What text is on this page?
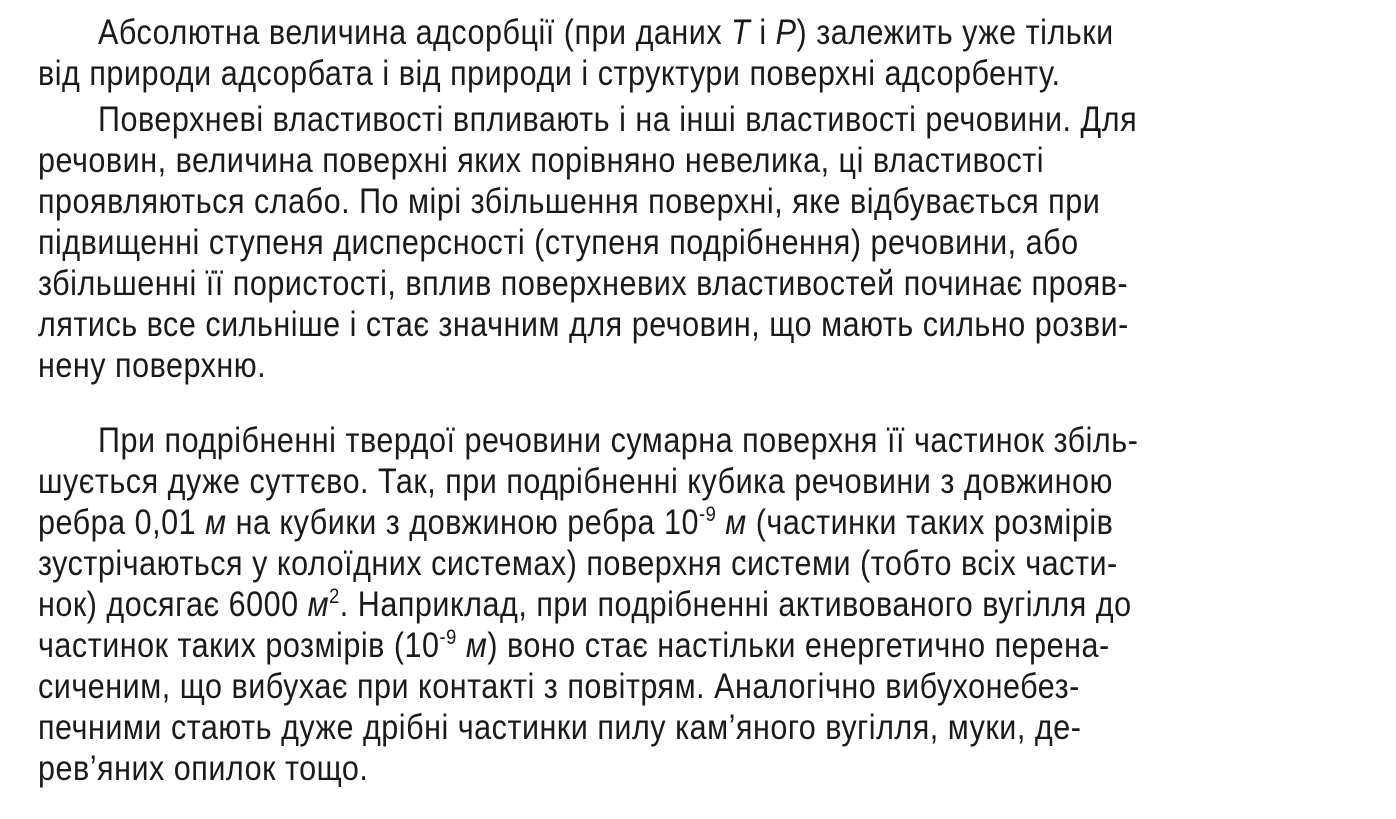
Абсолютна величина адсорбції (при даних T і P) залежить уже тільки
від природи адсорбата і від природи і структури поверхні адсорбенту.
Поверхневі властивості впливають і на інші властивості речовини. Для
речовин, величина поверхні яких порівняно невелика, ці властивості
проявляються слабо. По мірі збільшення поверхні, яке відбувається при
підвищенні ступеня дисперсності (ступеня подрібнення) речовини, або
збільшенні її пористості, вплив поверхневих властивостей починає прояв-
лятись все сильніше і стає значним для речовин, що мають сильно розви-
нену поверхню.
При подрібненні твердої речовини сумарна поверхня її частинок збіль-
шується дуже суттєво. Так, при подрібненні кубика речовини з довжиною
ребра 0,01 м на кубики з довжиною ребра $10^{-9}$ м (частинки таких розмірів
зустрічаються у колоїдних системах) поверхня системи (тобто всіх части-
нок) досягає 6000 $м^2$. Наприклад, при подрібненні активованого вугілля до
частинок таких розмірів ($10^{-9}$ м) воно стає настільки енергетично перена-
сиченим, що вибухає при контакті з повітрям. Аналогічно вибухонебез-
печними стають дуже дрібні частинки пилу кам’яного вугілля, муки, де-
рев’яних опилок тощо.
